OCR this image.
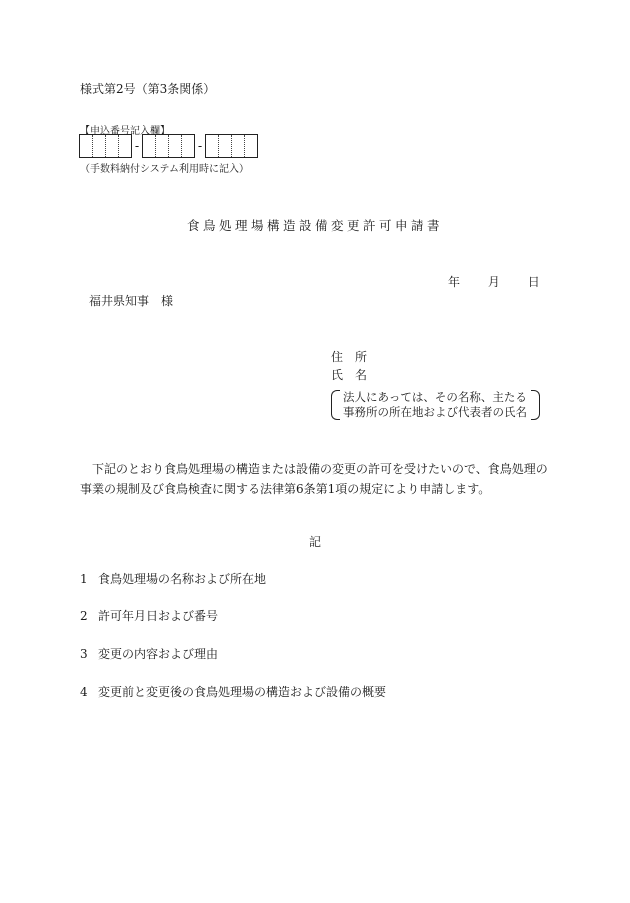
様式第2号（第3条関係）
【申込番号記入欄】
-	-
（手数料納付システム利用時に記入）
食鳥処理場構造設備変更許可申請書
年 月 日
福井県知事　様
住　所
氏　名
法人にあっては、その名称、主たる
事務所の所在地および代表者の氏名
下記のとおり食鳥処理場の構造または設備の変更の許可を受けたいので、食鳥処理の事業の規制及び食鳥検査に関する法律第6条第1項の規定により申請します。
記
1 食鳥処理場の名称および所在地
2 許可年月日および番号
3 変更の内容および理由
4 変更前と変更後の食鳥処理場の構造および設備の概要
